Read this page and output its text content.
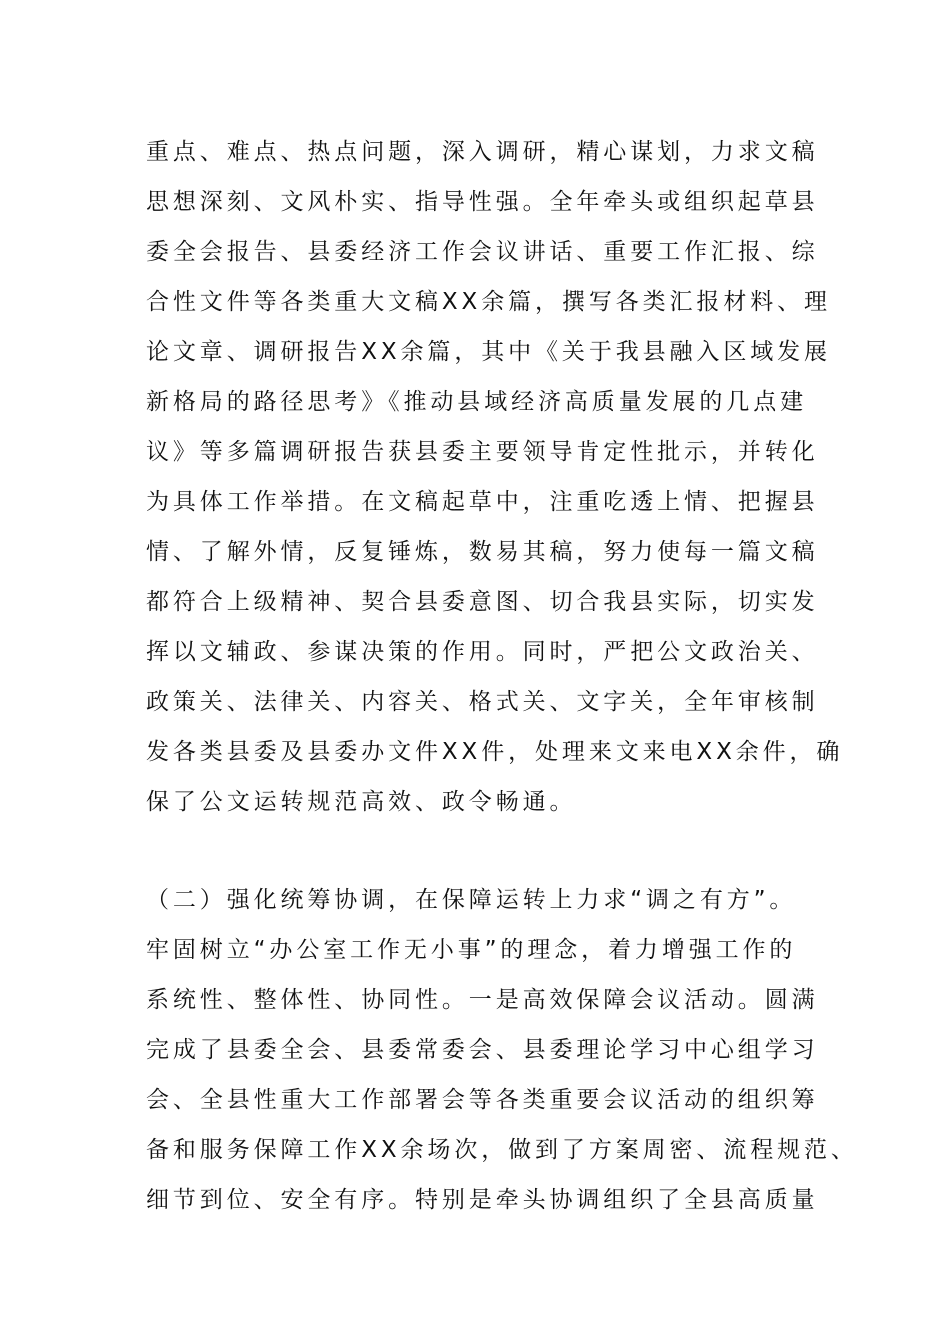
重点、难点、热点问题，深入调研，精心谋划，力求文稿
思想深刻、文风朴实、指导性强。全年牵头或组织起草县
委全会报告、县委经济工作会议讲话、重要工作汇报、综
合性文件等各类重大文稿XX余篇，撰写各类汇报材料、理
论文章、调研报告XX余篇，其中《关于我县融入区域发展
新格局的路径思考》《推动县域经济高质量发展的几点建
议》等多篇调研报告获县委主要领导肯定性批示，并转化
为具体工作举措。在文稿起草中，注重吃透上情、把握县
情、了解外情，反复锤炼，数易其稿，努力使每一篇文稿
都符合上级精神、契合县委意图、切合我县实际，切实发
挥以文辅政、参谋决策的作用。同时，严把公文政治关、
政策关、法律关、内容关、格式关、文字关，全年审核制
发各类县委及县委办文件XX件，处理来文来电XX余件，确
保了公文运转规范高效、政令畅通。
（二）强化统筹协调，在保障运转上力求“调之有方”。
牢固树立“办公室工作无小事”的理念，着力增强工作的
系统性、整体性、协同性。一是高效保障会议活动。圆满
完成了县委全会、县委常委会、县委理论学习中心组学习
会、全县性重大工作部署会等各类重要会议活动的组织筹
备和服务保障工作XX余场次，做到了方案周密、流程规范、
细节到位、安全有序。特别是牵头协调组织了全县高质量
